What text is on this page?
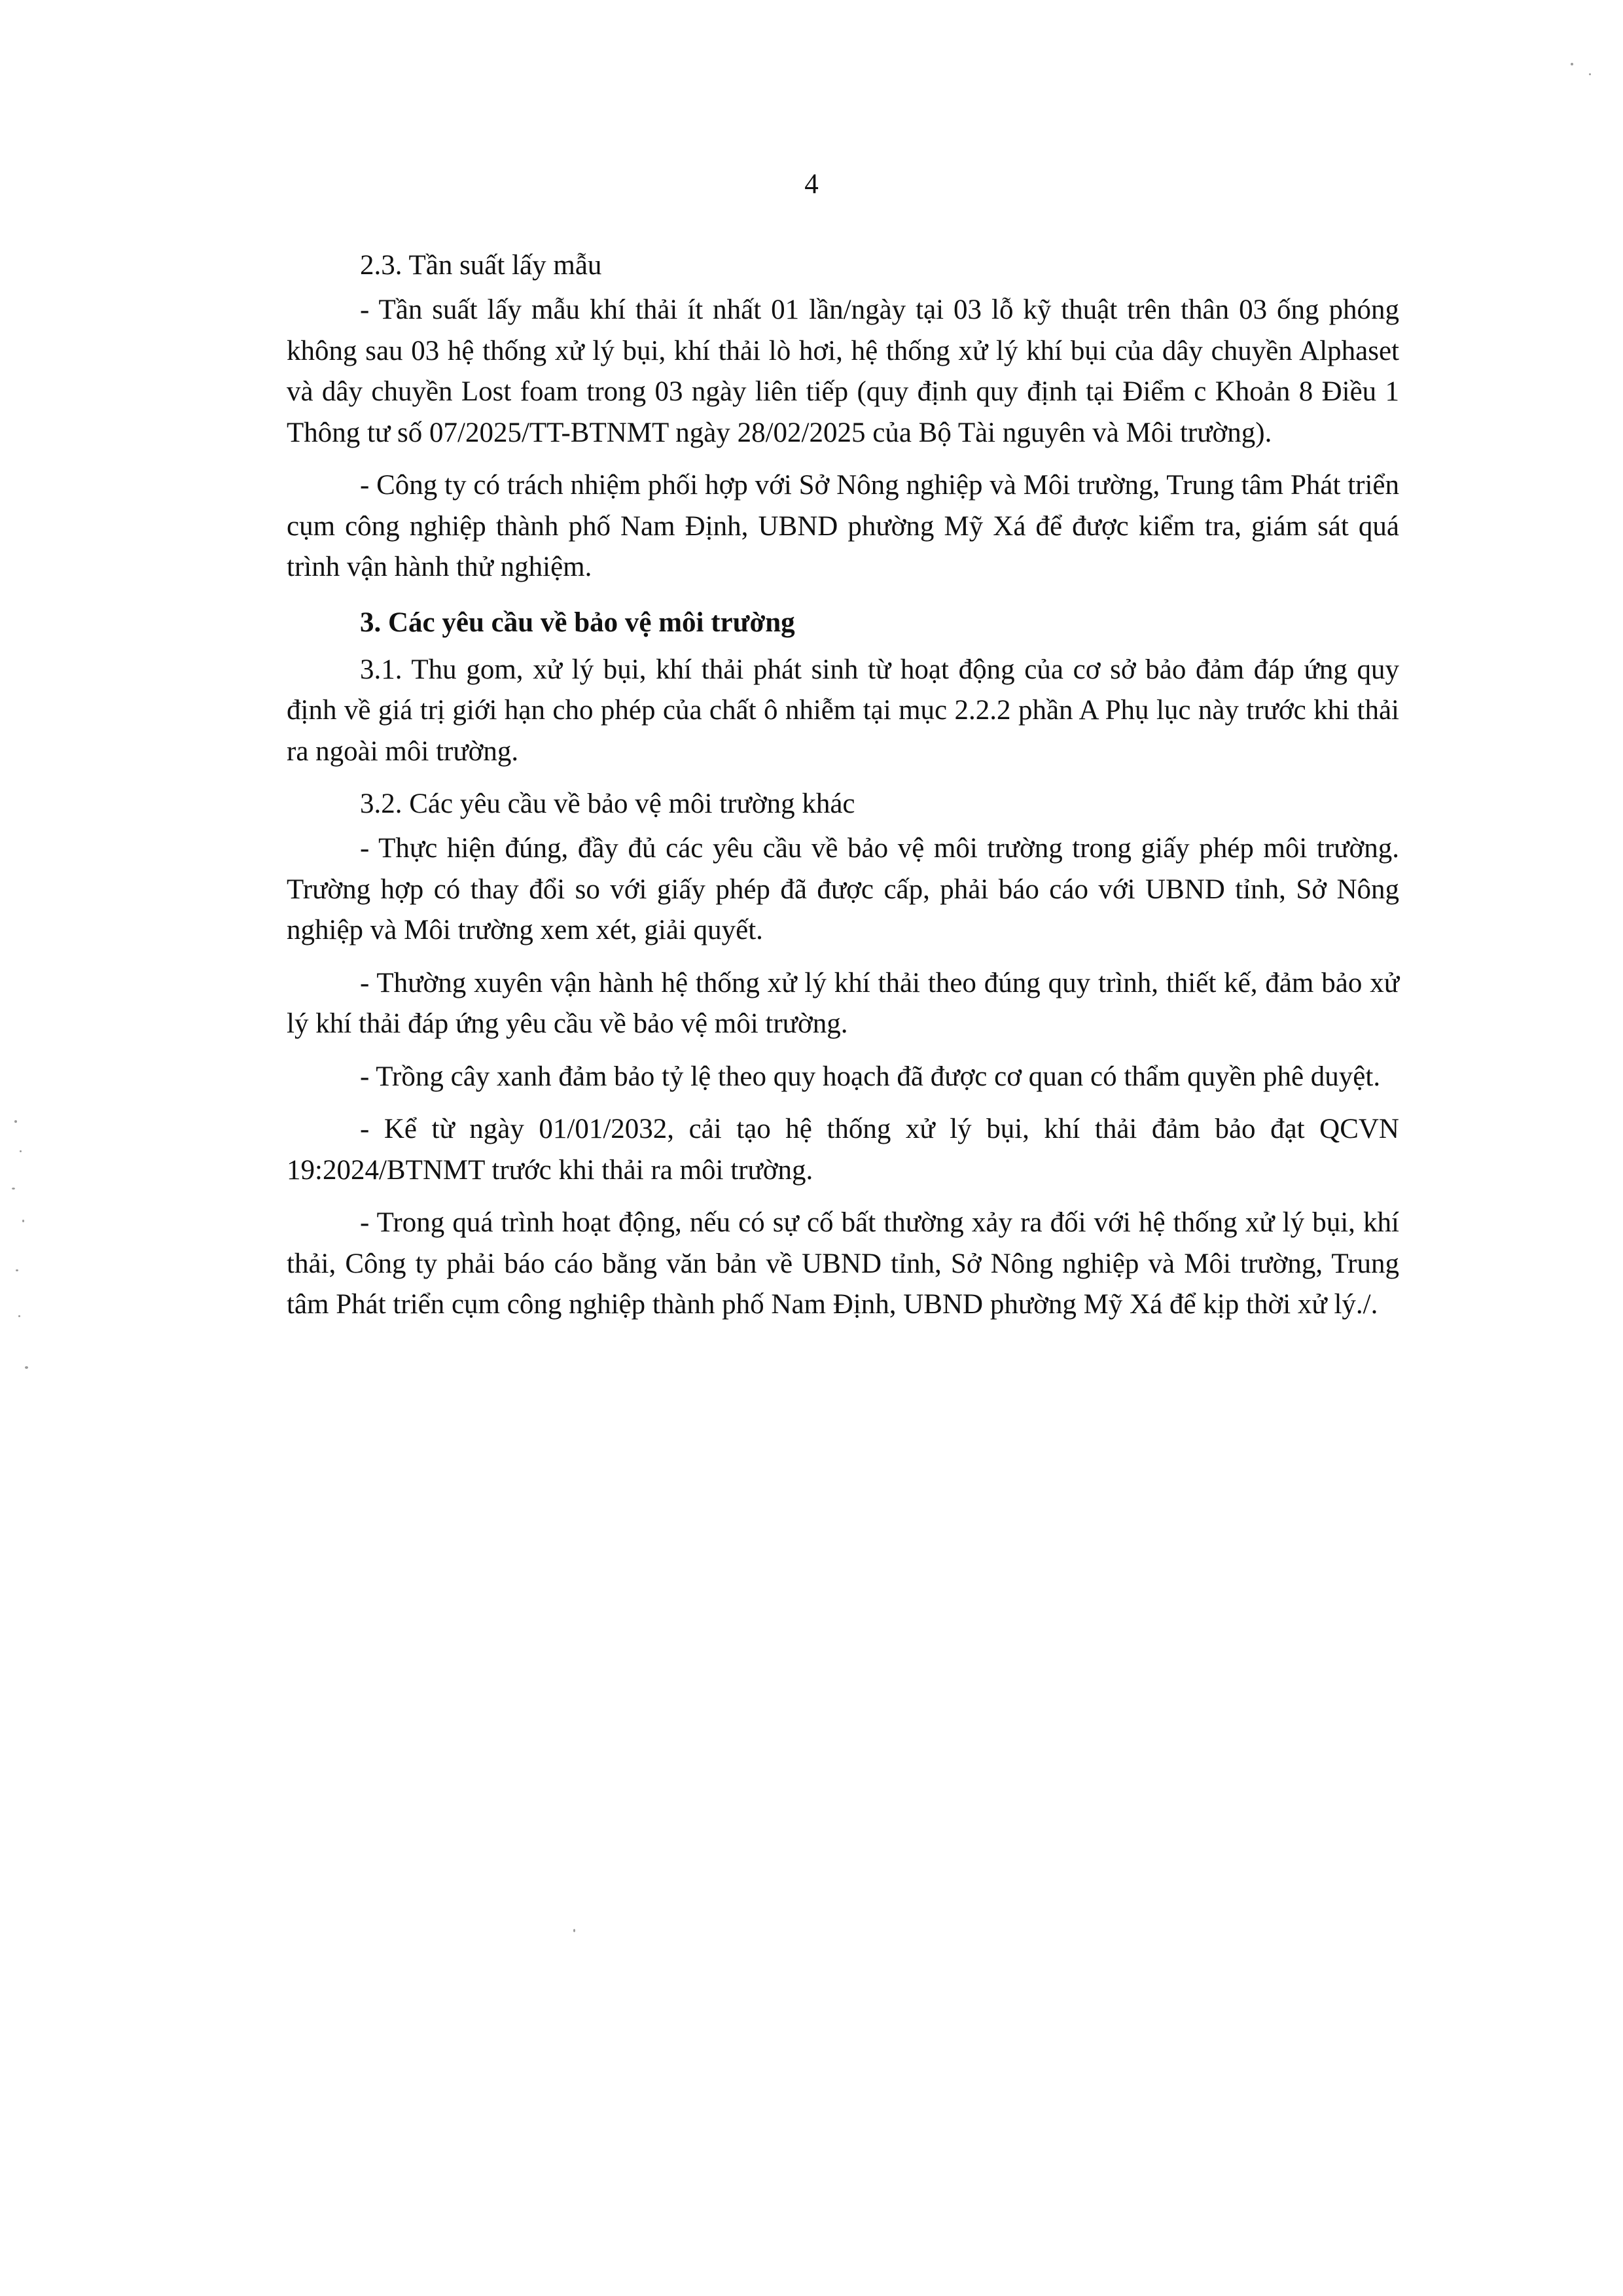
4
2.3. Tần suất lấy mẫu

- Tần suất lấy mẫu khí thải ít nhất 01 lần/ngày tại 03 lỗ kỹ thuật trên thân 03 ống phóng không sau 03 hệ thống xử lý bụi, khí thải lò hơi, hệ thống xử lý khí bụi của dây chuyền Alphaset và dây chuyền Lost foam trong 03 ngày liên tiếp (quy định quy định tại Điểm c Khoản 8 Điều 1 Thông tư số 07/2025/TT-BTNMT ngày 28/02/2025 của Bộ Tài nguyên và Môi trường).

- Công ty có trách nhiệm phối hợp với Sở Nông nghiệp và Môi trường, Trung tâm Phát triển cụm công nghiệp thành phố Nam Định, UBND phường Mỹ Xá để được kiểm tra, giám sát quá trình vận hành thử nghiệm.

3. Các yêu cầu về bảo vệ môi trường

3.1. Thu gom, xử lý bụi, khí thải phát sinh từ hoạt động của cơ sở bảo đảm đáp ứng quy định về giá trị giới hạn cho phép của chất ô nhiễm tại mục 2.2.2 phần A Phụ lục này trước khi thải ra ngoài môi trường.

3.2. Các yêu cầu về bảo vệ môi trường khác

- Thực hiện đúng, đầy đủ các yêu cầu về bảo vệ môi trường trong giấy phép môi trường. Trường hợp có thay đổi so với giấy phép đã được cấp, phải báo cáo với UBND tỉnh, Sở Nông nghiệp và Môi trường xem xét, giải quyết.

- Thường xuyên vận hành hệ thống xử lý khí thải theo đúng quy trình, thiết kế, đảm bảo xử lý khí thải đáp ứng yêu cầu về bảo vệ môi trường.

- Trồng cây xanh đảm bảo tỷ lệ theo quy hoạch đã được cơ quan có thẩm quyền phê duyệt.

- Kể từ ngày 01/01/2032, cải tạo hệ thống xử lý bụi, khí thải đảm bảo đạt QCVN 19:2024/BTNMT trước khi thải ra môi trường.

- Trong quá trình hoạt động, nếu có sự cố bất thường xảy ra đối với hệ thống xử lý bụi, khí thải, Công ty phải báo cáo bằng văn bản về UBND tỉnh, Sở Nông nghiệp và Môi trường, Trung tâm Phát triển cụm công nghiệp thành phố Nam Định, UBND phường Mỹ Xá để kịp thời xử lý./.
